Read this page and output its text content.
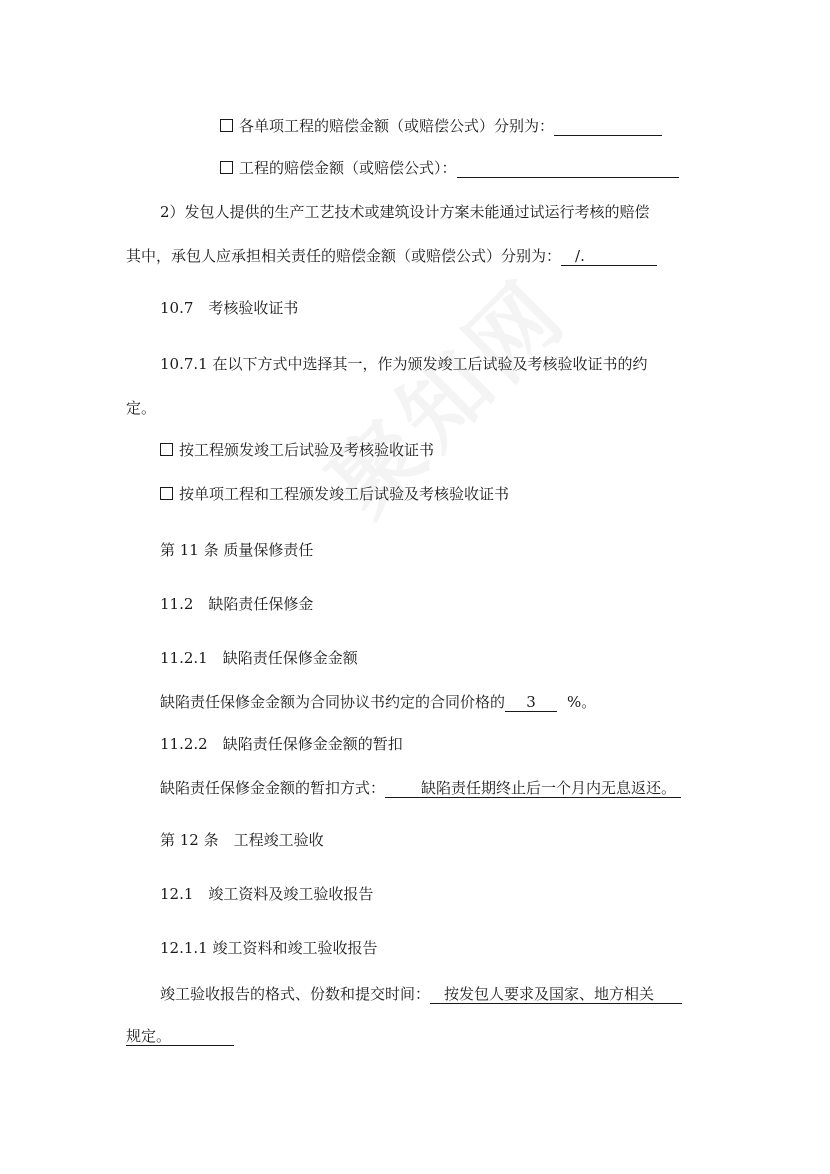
各单项工程的赔偿金额（或赔偿公式）分别为：
工程的赔偿金额（或赔偿公式）：
2）发包人提供的生产工艺技术或建筑设计方案未能通过试运行考核的赔偿
其中，承包人应承担相关责任的赔偿金额（或赔偿公式）分别为： /.
10.7　考核验收证书
10.7.1 在以下方式中选择其一，作为颁发竣工后试验及考核验收证书的约
定。
按工程颁发竣工后试验及考核验收证书
按单项工程和工程颁发竣工后试验及考核验收证书
第 11 条 质量保修责任
11.2　缺陷责任保修金
11.2.1　缺陷责任保修金金额
缺陷责任保修金金额为合同协议书约定的合同价格的 3 %。
11.2.2　缺陷责任保修金金额的暂扣
缺陷责任保修金金额的暂扣方式： 缺陷责任期终止后一个月内无息返还。
第 12 条　工程竣工验收
12.1　竣工资料及竣工验收报告
12.1.1 竣工资料和竣工验收报告
竣工验收报告的格式、份数和提交时间： 按发包人要求及国家、地方相关
规定。
